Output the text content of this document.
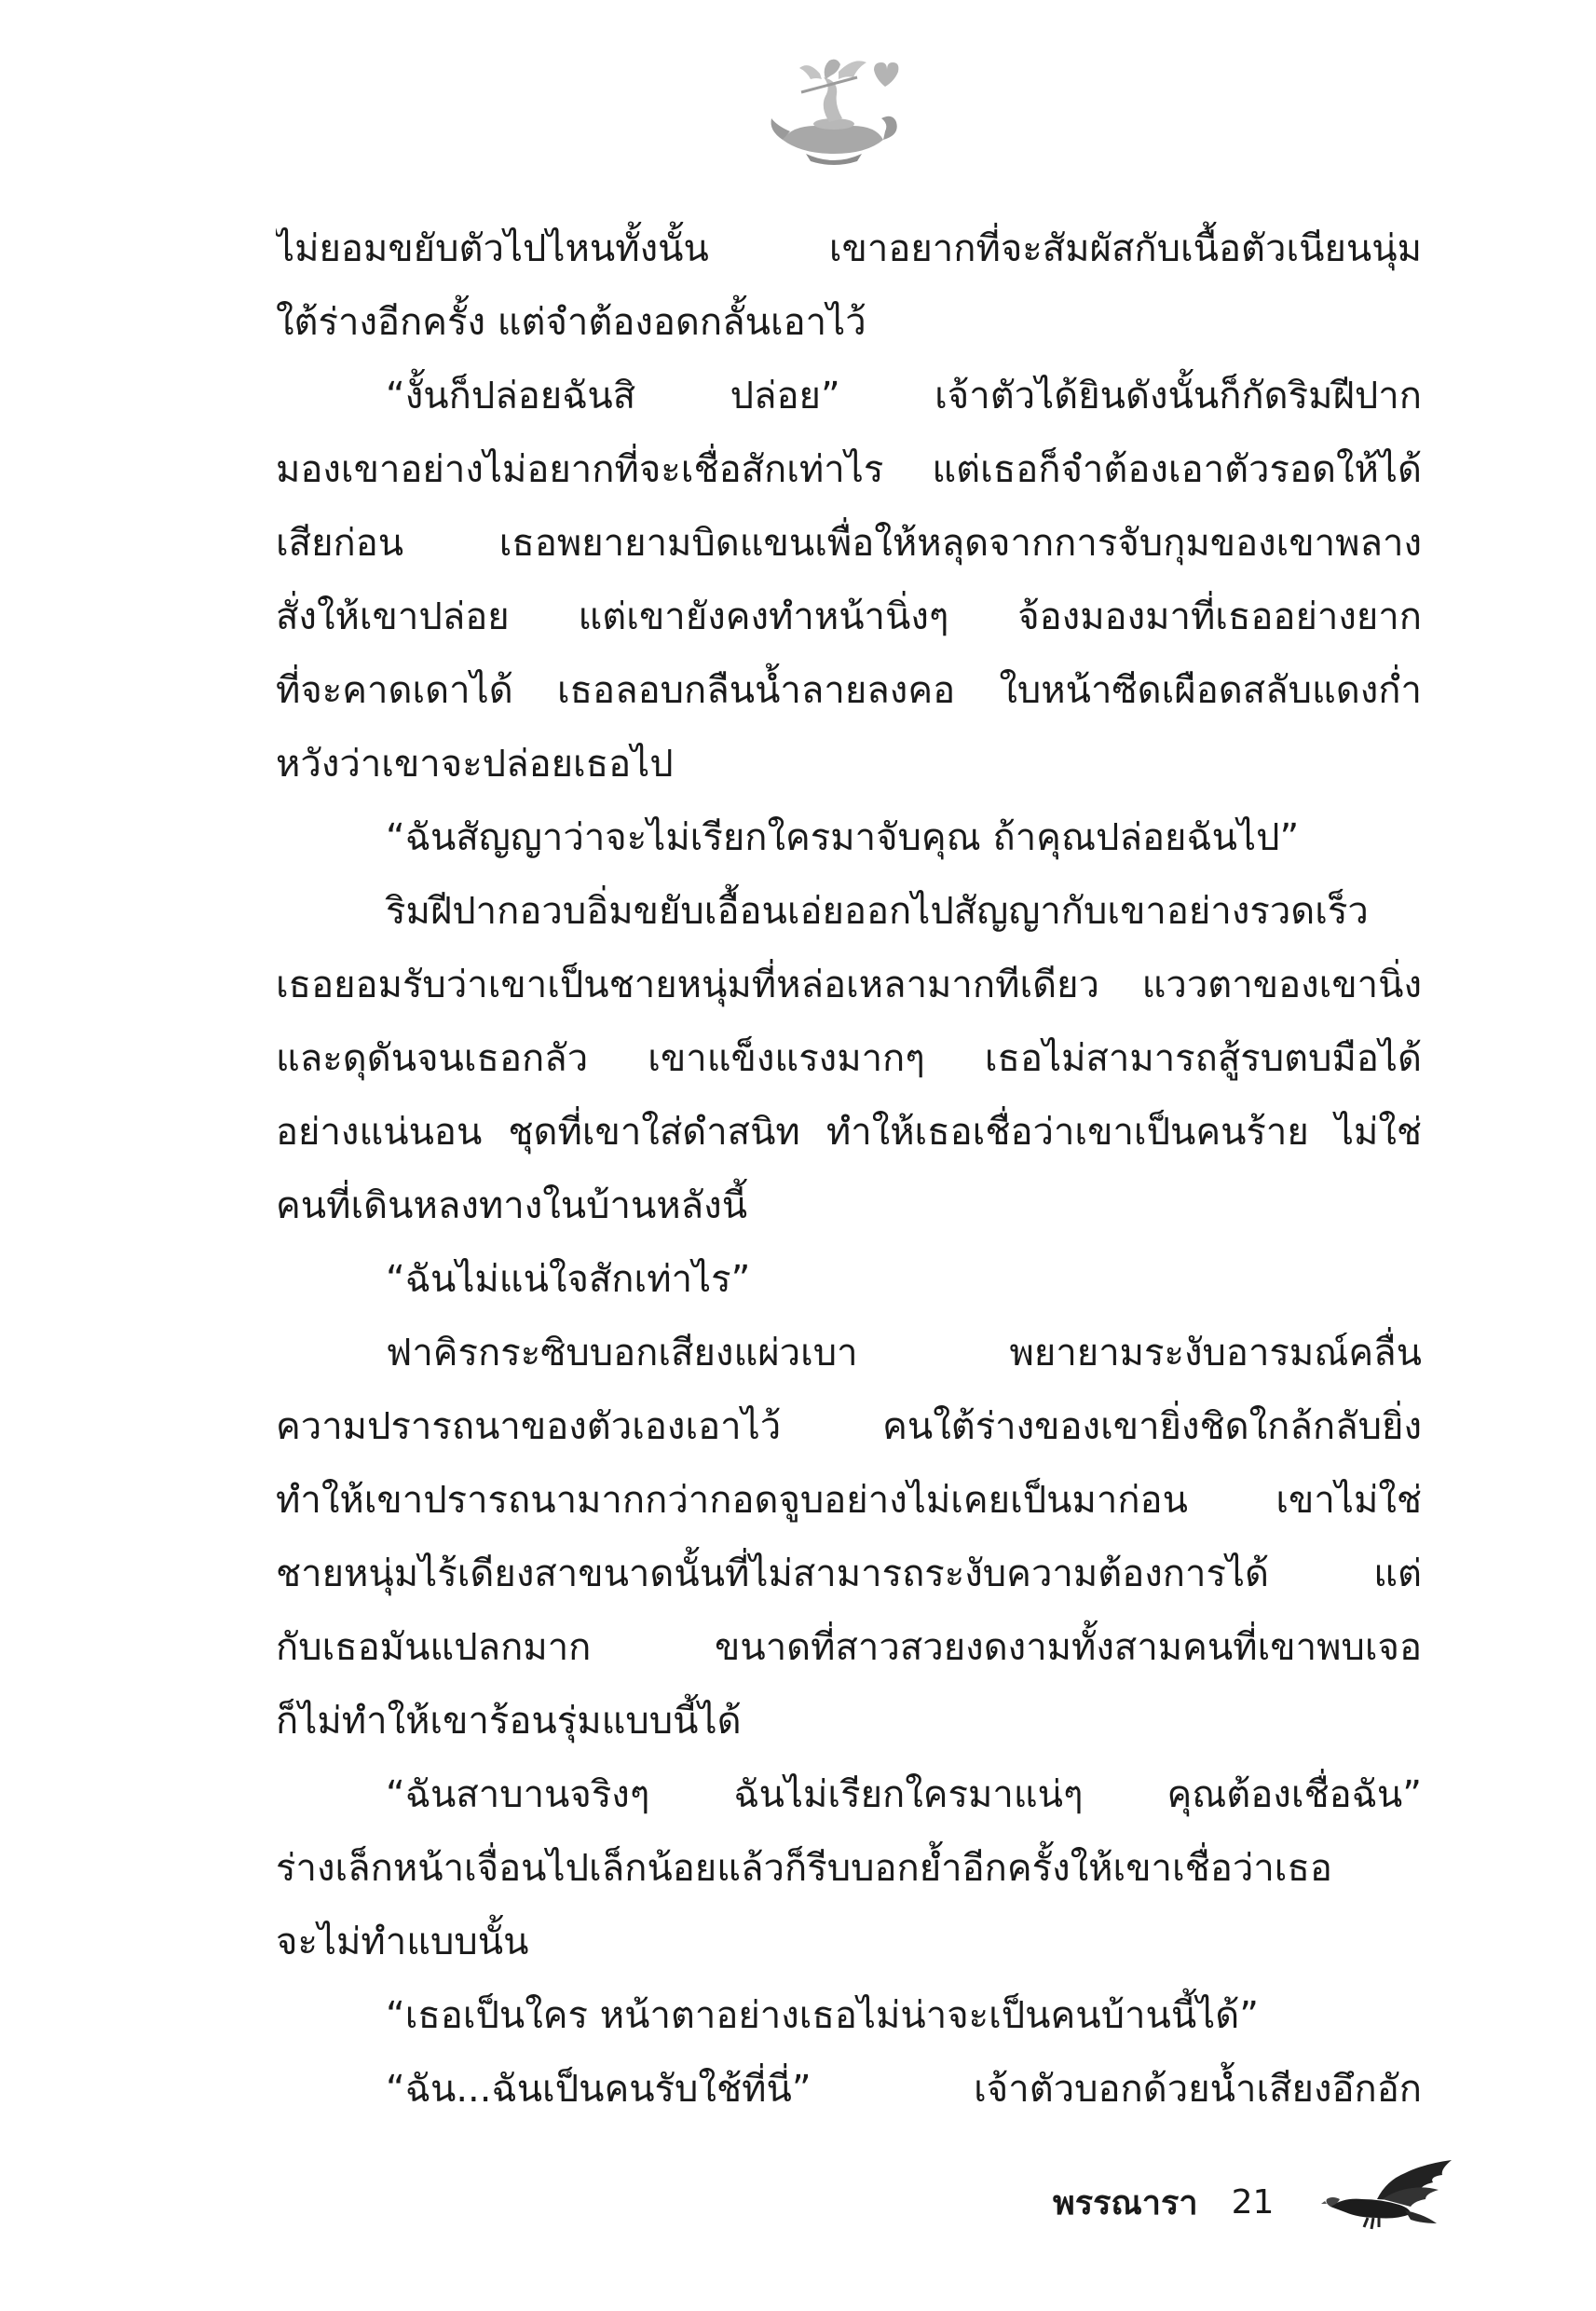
ไม่ยอมขยับตัวไปไหนทั้งนั้น เขาอยากที่จะสัมผัสกับเนื้อตัวเนียนนุ่ม
ใต้ร่างอีกครั้ง แต่จำต้องอดกลั้นเอาไว้
“งั้นก็ปล่อยฉันสิ ปล่อย” เจ้าตัวได้ยินดังนั้นก็กัดริมฝีปาก
มองเขาอย่างไม่อยากที่จะเชื่อสักเท่าไร แต่เธอก็จำต้องเอาตัวรอดให้ได้
เสียก่อน เธอพยายามบิดแขนเพื่อให้หลุดจากการจับกุมของเขาพลาง
สั่งให้เขาปล่อย แต่เขายังคงทำหน้านิ่งๆ จ้องมองมาที่เธออย่างยาก
ที่จะคาดเดาได้ เธอลอบกลืนน้ำลายลงคอ ใบหน้าซีดเผือดสลับแดงก่ำ
หวังว่าเขาจะปล่อยเธอไป
“ฉันสัญญาว่าจะไม่เรียกใครมาจับคุณ ถ้าคุณปล่อยฉันไป”
ริมฝีปากอวบอิ่มขยับเอื้อนเอ่ยออกไปสัญญากับเขาอย่างรวดเร็ว
เธอยอมรับว่าเขาเป็นชายหนุ่มที่หล่อเหลามากทีเดียว แววตาของเขานิ่ง
และดุดันจนเธอกลัว เขาแข็งแรงมากๆ เธอไม่สามารถสู้รบตบมือได้
อย่างแน่นอน ชุดที่เขาใส่ดำสนิท ทำให้เธอเชื่อว่าเขาเป็นคนร้าย ไม่ใช่
คนที่เดินหลงทางในบ้านหลังนี้
“ฉันไม่แน่ใจสักเท่าไร”
ฟาคิรกระซิบบอกเสียงแผ่วเบา พยายามระงับอารมณ์คลื่น
ความปรารถนาของตัวเองเอาไว้ คนใต้ร่างของเขายิ่งชิดใกล้กลับยิ่ง
ทำให้เขาปรารถนามากกว่ากอดจูบอย่างไม่เคยเป็นมาก่อน เขาไม่ใช่
ชายหนุ่มไร้เดียงสาขนาดนั้นที่ไม่สามารถระงับความต้องการได้ แต่
กับเธอมันแปลกมาก ขนาดที่สาวสวยงดงามทั้งสามคนที่เขาพบเจอ
ก็ไม่ทำให้เขาร้อนรุ่มแบบนี้ได้
“ฉันสาบานจริงๆ ฉันไม่เรียกใครมาแน่ๆ คุณต้องเชื่อฉัน”
ร่างเล็กหน้าเจื่อนไปเล็กน้อยแล้วก็รีบบอกย้ำอีกครั้งให้เขาเชื่อว่าเธอ
จะไม่ทำแบบนั้น
“เธอเป็นใคร หน้าตาอย่างเธอไม่น่าจะเป็นคนบ้านนี้ได้”
“ฉัน...ฉันเป็นคนรับใช้ที่นี่” เจ้าตัวบอกด้วยน้ำเสียงอึกอัก
พรรณารา 21
